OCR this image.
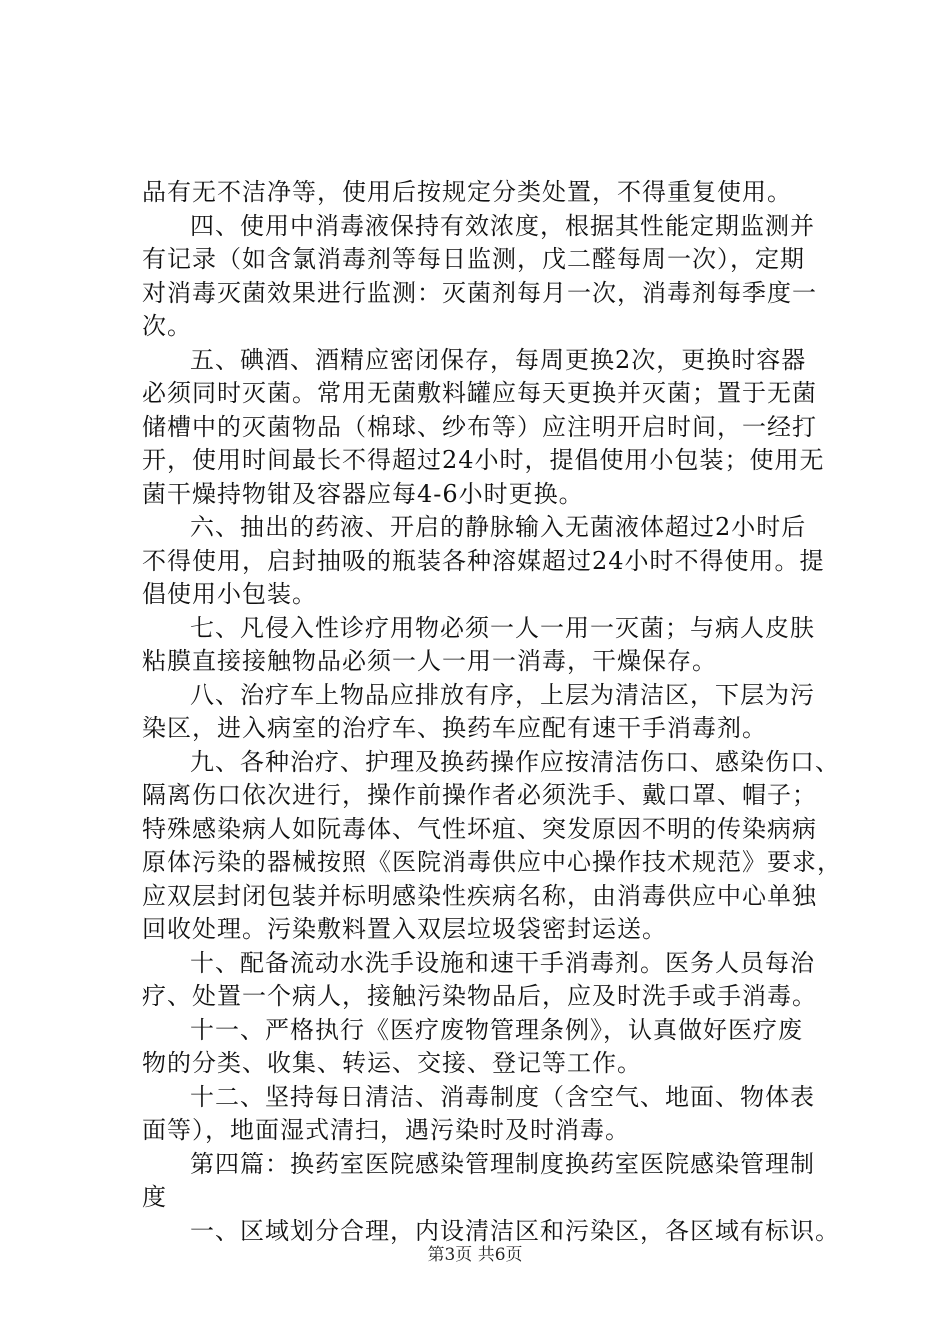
品有无不洁净等，使用后按规定分类处置，不得重复使用。
四、使用中消毒液保持有效浓度，根据其性能定期监测并
有记录（如含氯消毒剂等每日监测，戊二醛每周一次），定期
对消毒灭菌效果进行监测：灭菌剂每月一次，消毒剂每季度一
次。
五、碘酒、酒精应密闭保存，每周更换2次，更换时容器
必须同时灭菌。常用无菌敷料罐应每天更换并灭菌；置于无菌
储槽中的灭菌物品（棉球、纱布等）应注明开启时间，一经打
开，使用时间最长不得超过24小时，提倡使用小包装；使用无
菌干燥持物钳及容器应每4-6小时更换。
六、抽出的药液、开启的静脉输入无菌液体超过2小时后
不得使用，启封抽吸的瓶装各种溶媒超过24小时不得使用。提
倡使用小包装。
七、凡侵入性诊疗用物必须一人一用一灭菌；与病人皮肤
粘膜直接接触物品必须一人一用一消毒，干燥保存。
八、治疗车上物品应排放有序，上层为清洁区，下层为污
染区，进入病室的治疗车、换药车应配有速干手消毒剂。
九、各种治疗、护理及换药操作应按清洁伤口、感染伤口、
隔离伤口依次进行，操作前操作者必须洗手、戴口罩、帽子；
特殊感染病人如阮毒体、气性坏疽、突发原因不明的传染病病
原体污染的器械按照《医院消毒供应中心操作技术规范》要求，
应双层封闭包装并标明感染性疾病名称，由消毒供应中心单独
回收处理。污染敷料置入双层垃圾袋密封运送。
十、配备流动水洗手设施和速干手消毒剂。医务人员每治
疗、处置一个病人，接触污染物品后，应及时洗手或手消毒。
十一、严格执行《医疗废物管理条例》，认真做好医疗废
物的分类、收集、转运、交接、登记等工作。
十二、坚持每日清洁、消毒制度（含空气、地面、物体表
面等），地面湿式清扫，遇污染时及时消毒。
第四篇：换药室医院感染管理制度换药室医院感染管理制
度
一、区域划分合理，内设清洁区和污染区，各区域有标识。
第3页 共6页
